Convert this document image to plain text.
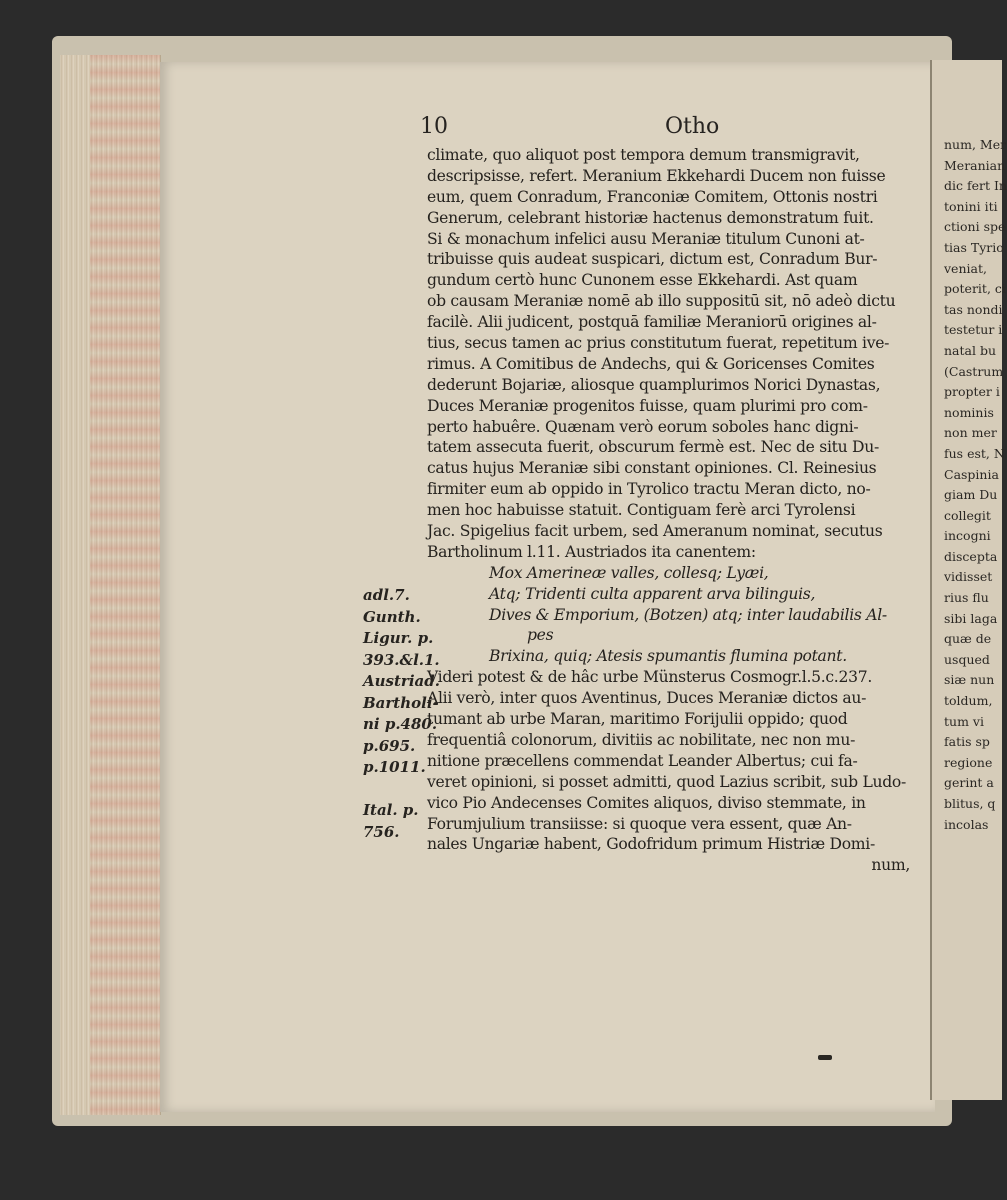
10	Otho
climate, quo aliquot post tempora demum transmigravit,
descripsisse, refert. Meranium Ekkehardi Ducem non fuisse
eum, quem Conradum, Franconiæ Comitem, Ottonis nostri
Generum, celebrant historiæ hactenus demonstratum fuit.
Si & monachum infelici ausu Meraniæ titulum Cunoni at-
tribuisse quis audeat suspicari, dictum est, Conradum Bur-
gundum certò hunc Cunonem esse Ekkehardi. Ast quam
ob causam Meraniæ nomē ab illo suppositū sit, nō adeò dictu
facilè. Alii judicent, postquā familiæ Meraniorū origines al-
tius, secus tamen ac prius constitutum fuerat, repetitum ive-
rimus. A Comitibus de Andechs, qui & Goricenses Comites
dederunt Bojariæ, aliosque quamplurimos Norici Dynastas,
Duces Meraniæ progenitos fuisse, quam plurimi pro com-
perto habuêre. Quænam verò eorum soboles hanc digni-
tatem assecuta fuerit, obscurum fermè est. Nec de situ Du-
catus hujus Meraniæ sibi constant opiniones. Cl. Reinesius
firmiter eum ab oppido in Tyrolico tractu Meran dicto, no-
men hoc habuisse statuit. Contiguam ferè arci Tyrolensi
Jac. Spigelius facit urbem, sed Ameranum nominat, secutus
Bartholinum l.11. Austriados ita canentem:
Mox Amerineæ valles, collesq; Lyæi,
Atq; Tridenti culta apparent arva bilinguis,
Dives & Emporium, (Botzen) atq; inter laudabilis Al-
pes
Brixina, quiq; Atesis spumantis flumina potant.
Videri potest & de hâc urbe Münsterus Cosmogr.l.5.c.237.
Alii verò, inter quos Aventinus, Duces Meraniæ dictos au-
tumant ab urbe Maran, maritimo Forijulii oppido; quod
frequentiâ colonorum, divitiis ac nobilitate, nec non mu-
nitione præcellens commendat Leander Albertus; cui fa-
veret opinioni, si posset admitti, quod Lazius scribit, sub Ludo-
vico Pio Andecenses Comites aliquos, diviso stemmate, in
Forumjulium transiisse: si quoque vera essent, quæ An-
nales Ungariæ habent, Godofridum primum Histriæ Domi-
num,
adl.7.
Gunth.
Ligur. p.
393.&l.1.
Austriad.
Bartholi-
ni p.480.
p.695.
p.1011.
Ital. p.
756.
num, Mer
Meranian
dic fert In
tonini iti
ctioni spe
tias Tyrio
veniat,
poterit, ci
tas nondi
testetur i
natal bu
(Castrum
propter i
nominis
non mer
fus est, N
Caspinia
giam Du
collegit
incogni
discepta
vidisset
rius flu
sibi laga
quæ de
usqued
siæ nun
toldum,
tum vi
fatis sp
regione
gerint a
blitus, q
incolas
